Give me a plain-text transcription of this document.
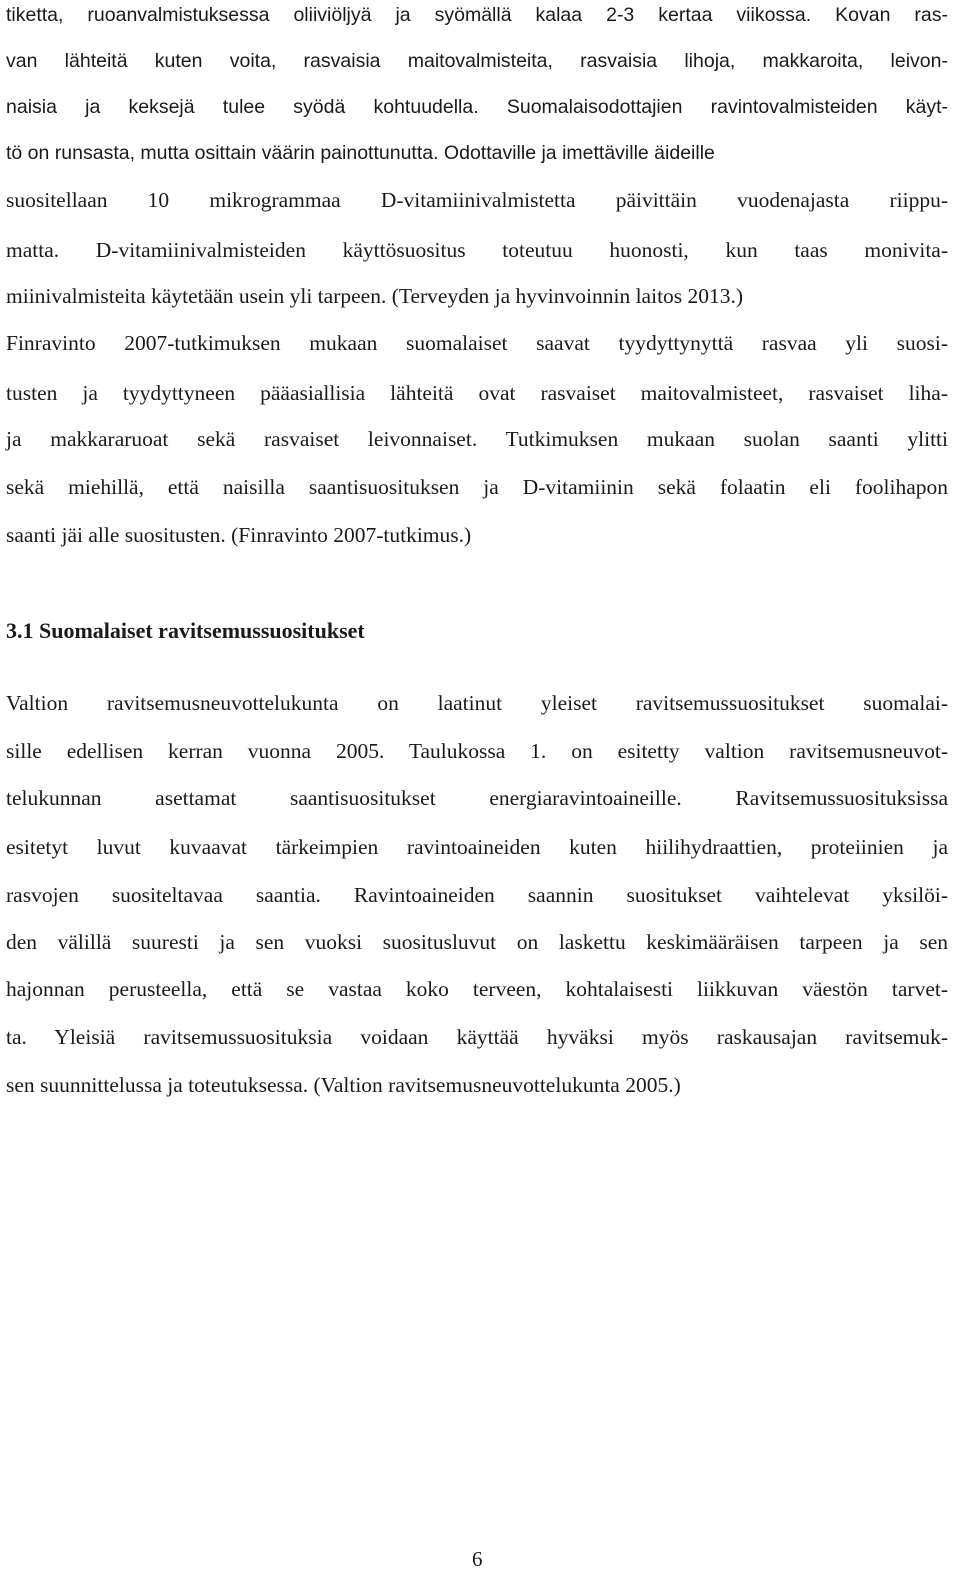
tiketta, ruoanvalmistuksessa oliiviöljyä ja syömällä kalaa 2-3 kertaa viikossa. Kovan ras-
van lähteitä kuten voita, rasvaisia maitovalmisteita, rasvaisia lihoja, makkaroita, leivon-
naisia ja keksejä tulee syödä kohtuudella. Suomalaisodottajien ravintovalmisteiden käyt-
tö on runsasta, mutta osittain väärin painottunutta. Odottaville ja imettäville äideille
suositellaan 10 mikrogrammaa D-vitamiinivalmistetta päivittäin vuodenajasta riippu-
matta. D-vitamiinivalmisteiden käyttösuositus toteutuu huonosti, kun taas monivita-
miinivalmisteita käytetään usein yli tarpeen. (Terveyden ja hyvinvoinnin laitos 2013.)
Finravinto 2007-tutkimuksen mukaan suomalaiset saavat tyydyttynyttä rasvaa yli suosi-
tusten ja tyydyttyneen pääasiallisia lähteitä ovat rasvaiset maitovalmisteet, rasvaiset liha-
ja makkararuoat sekä rasvaiset leivonnaiset. Tutkimuksen mukaan suolan saanti ylitti
sekä miehillä, että naisilla saantisuosituksen ja D-vitamiinin sekä folaatin eli foolihapon
saanti jäi alle suositusten. (Finravinto 2007-tutkimus.)
3.1 Suomalaiset ravitsemussuositukset
Valtion ravitsemusneuvottelukunta on laatinut yleiset ravitsemussuositukset suomalai-
sille edellisen kerran vuonna 2005. Taulukossa 1. on esitetty valtion ravitsemusneuvot-
telukunnan asettamat saantisuositukset energiaravintoaineille. Ravitsemussuosituksissa
esitetyt luvut kuvaavat tärkeimpien ravintoaineiden kuten hiilihydraattien, proteiinien ja
rasvojen suositeltavaa saantia. Ravintoaineiden saannin suositukset vaihtelevat yksilöi-
den välillä suuresti ja sen vuoksi suositusluvut on laskettu keskimääräisen tarpeen ja sen
hajonnan perusteella, että se vastaa koko terveen, kohtalaisesti liikkuvan väestön tarvet-
ta. Yleisiä ravitsemussuosituksia voidaan käyttää hyväksi myös raskausajan ravitsemuk-
sen suunnittelussa ja toteutuksessa. (Valtion ravitsemusneuvottelukunta 2005.)
6
